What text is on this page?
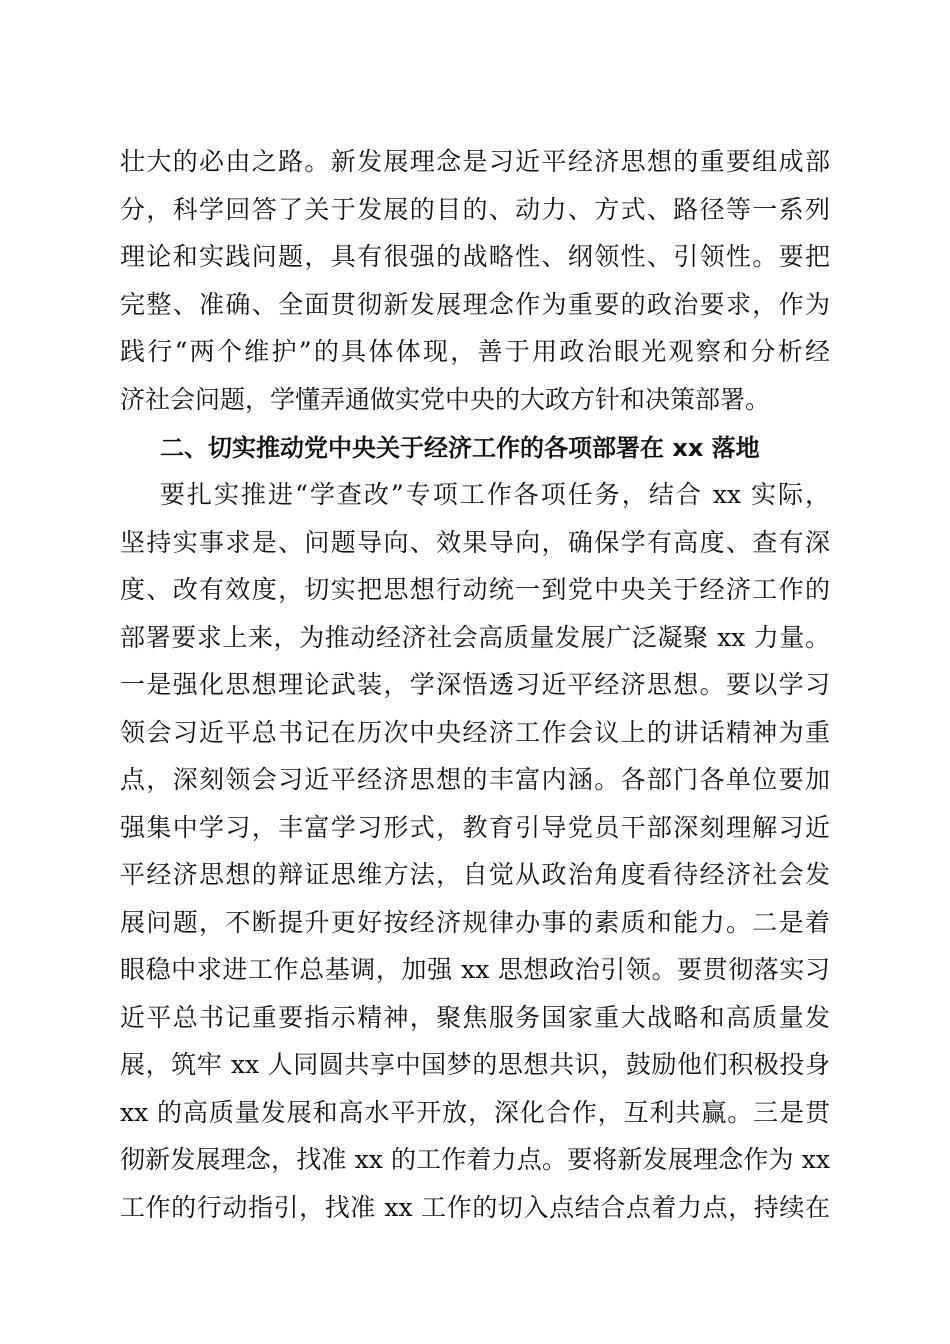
壮大的必由之路。新发展理念是习近平经济思想的重要组成部
分，科学回答了关于发展的目的、动力、方式、路径等一系列
理论和实践问题，具有很强的战略性、纲领性、引领性。要把
完整、准确、全面贯彻新发展理念作为重要的政治要求，作为
践行“两个维护”的具体体现，善于用政治眼光观察和分析经
济社会问题，学懂弄通做实党中央的大政方针和决策部署。
二、切实推动党中央关于经济工作的各项部署在 xx 落地
要扎实推进“学查改”专项工作各项任务，结合 xx 实际，
坚持实事求是、问题导向、效果导向，确保学有高度、查有深
度、改有效度，切实把思想行动统一到党中央关于经济工作的
部署要求上来，为推动经济社会高质量发展广泛凝聚 xx 力量。
一是强化思想理论武装，学深悟透习近平经济思想。要以学习
领会习近平总书记在历次中央经济工作会议上的讲话精神为重
点，深刻领会习近平经济思想的丰富内涵。各部门各单位要加
强集中学习，丰富学习形式，教育引导党员干部深刻理解习近
平经济思想的辩证思维方法，自觉从政治角度看待经济社会发
展问题，不断提升更好按经济规律办事的素质和能力。二是着
眼稳中求进工作总基调，加强 xx 思想政治引领。要贯彻落实习
近平总书记重要指示精神，聚焦服务国家重大战略和高质量发
展，筑牢 xx 人同圆共享中国梦的思想共识，鼓励他们积极投身
xx 的高质量发展和高水平开放，深化合作，互利共赢。三是贯
彻新发展理念，找准 xx 的工作着力点。要将新发展理念作为 xx
工作的行动指引，找准 xx 工作的切入点结合点着力点，持续在
